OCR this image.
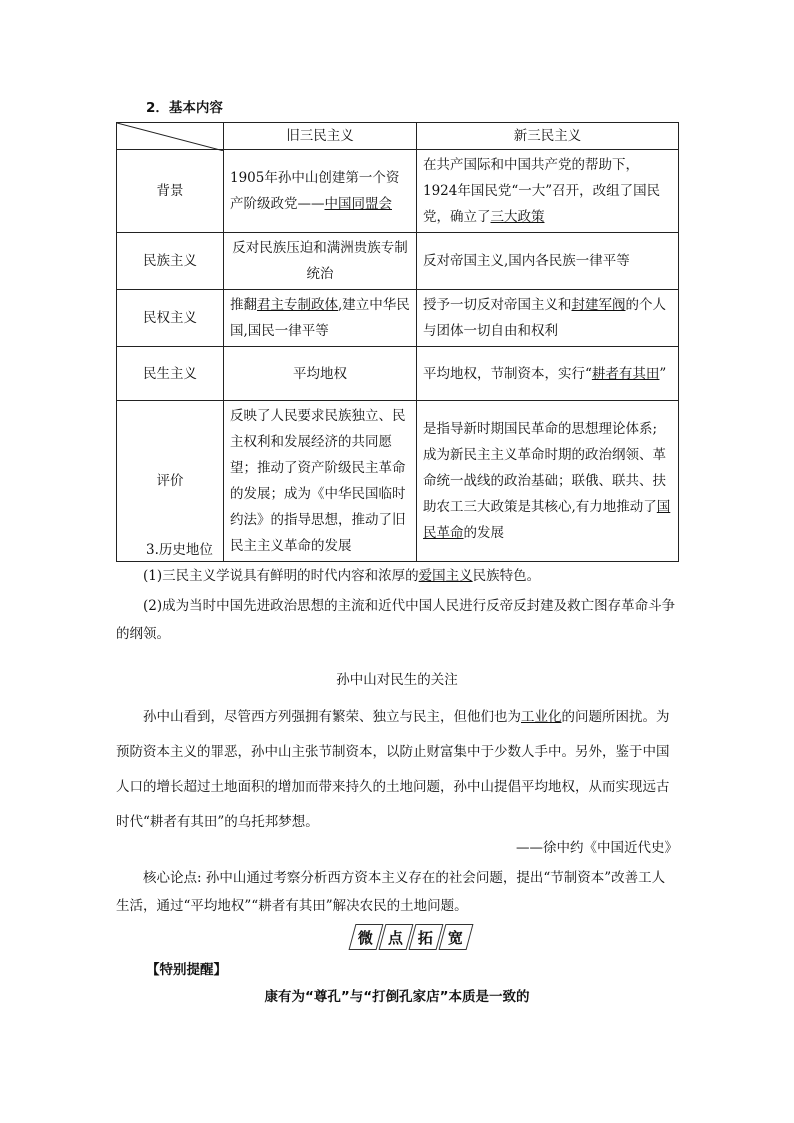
2．基本内容
	旧三民主义	新三民主义
背景	1905年孙中山创建第一个资产阶级政党——中国同盟会	在共产国际和中国共产党的帮助下，1924年国民党“一大”召开，改组了国民党，确立了三大政策
民族主义	反对民族压迫和满洲贵族专制统治	反对帝国主义,国内各民族一律平等
民权主义	推翻君主专制政体,建立中华民国,国民一律平等	授予一切反对帝国主义和封建军阀的个人与团体一切自由和权利
民生主义	平均地权	平均地权，节制资本，实行“耕者有其田”
评价	反映了人民要求民族独立、民主权利和发展经济的共同愿望；推动了资产阶级民主革命的发展；成为《中华民国临时约法》的指导思想，推动了旧民主主义革命的发展	是指导新时期国民革命的思想理论体系; 成为新民主主义革命时期的政治纲领、革命统一战线的政治基础；联俄、联共、扶助农工三大政策是其核心,有力地推动了国民革命的发展
3.历史地位
(1)三民主义学说具有鲜明的时代内容和浓厚的爱国主义民族特色。
(2)成为当时中国先进政治思想的主流和近代中国人民进行反帝反封建及救亡图存革命斗争的纲领。
孙中山对民生的关注
孙中山看到，尽管西方列强拥有繁荣、独立与民主，但他们也为工业化的问题所困扰。为预防资本主义的罪恶，孙中山主张节制资本，以防止财富集中于少数人手中。另外，鉴于中国人口的增长超过土地面积的增加而带来持久的土地问题，孙中山提倡平均地权，从而实现远古时代“耕者有其田”的乌托邦梦想。
——徐中约《中国近代史》
核心论点: 孙中山通过考察分析西方资本主义存在的社会问题，提出“节制资本”改善工人生活，通过“平均地权”“耕者有其田”解决农民的土地问题。
微 点 拓 宽
【特别提醒】
康有为“尊孔”与“打倒孔家店”本质是一致的
